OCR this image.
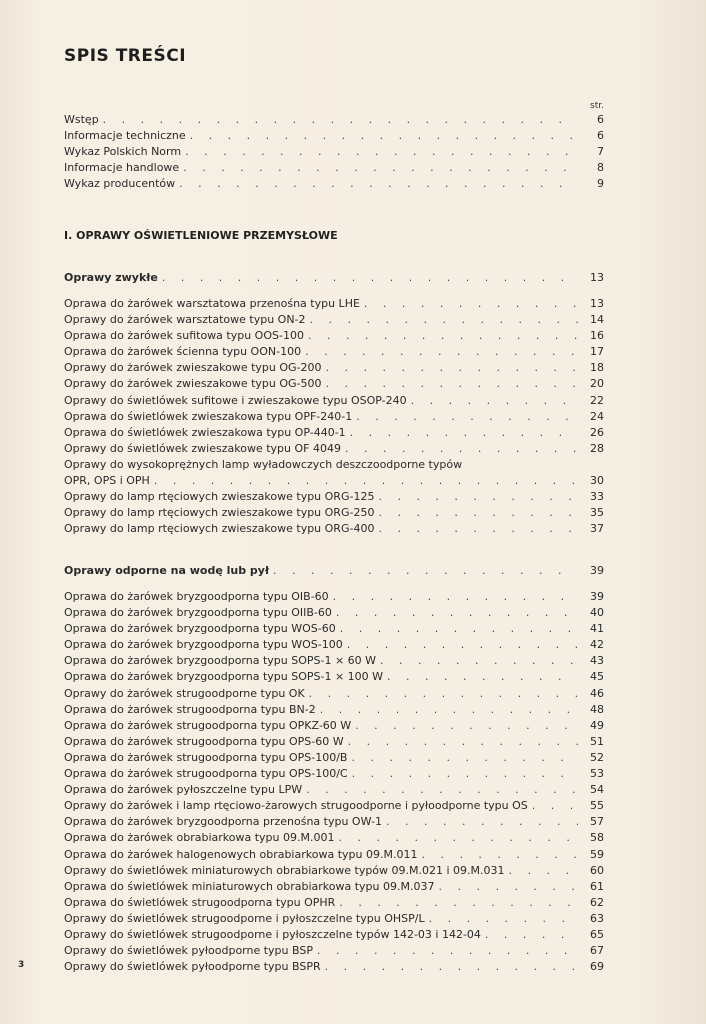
SPIS TREŚCI
str.
Wstęp . . .	6
Informacje techniczne . . .	6
Wykaz Polskich Norm . . .	7
Informacje handlowe . . .	8
Wykaz producentów . . .	9
I. OPRAWY OŚWIETLENIOWE PRZEMYSŁOWE
Oprawy zwykłe . . .	13
Oprawa do żarówek warsztatowa przenośna typu LHE . . .	13
Oprawy do żarówek warsztatowe typu ON-2 . . .	14
Oprawa do żarówek sufitowa typu OOS-100 . . .	16
Oprawa do żarówek ścienna typu OON-100 . . .	17
Oprawy do żarówek zwieszakowe typu OG-200 . . .	18
Oprawy do żarówek zwieszakowe typu OG-500 . . .	20
Oprawy do świetlówek sufitowe i zwieszakowe typu OSOP-240 . . .	22
Oprawa do świetlówek zwieszakowa typu OPF-240-1 . . .	24
Oprawa do świetlówek zwieszakowa typu OP-440-1 . . .	26
Oprawy do świetlówek zwieszakowe typu OF 4049 . . .	28
Oprawy do wysokoprężnych lamp wyładowczych deszczoodporne typów
OPR, OPS i OPH . . .	30
Oprawy do lamp rtęciowych zwieszakowe typu ORG-125 . . .	33
Oprawy do lamp rtęciowych zwieszakowe typu ORG-250 . . .	35
Oprawy do lamp rtęciowych zwieszakowe typu ORG-400 . . .	37
Oprawy odporne na wodę lub pył . . .	39
Oprawa do żarówek bryzgoodporna typu OIB-60 . . .	39
Oprawa do żarówek bryzgoodporna typu OIIB-60 . . .	40
Oprawa do żarówek bryzgoodporna typu WOS-60 . . .	41
Oprawa do żarówek bryzgoodporna typu WOS-100 . . .	42
Oprawa do żarówek bryzgoodporna typu SOPS-1 × 60 W . . .	43
Oprawa do żarówek bryzgoodporna typu SOPS-1 × 100 W . . .	45
Oprawy do żarówek strugoodporne typu OK . . .	46
Oprawa do żarówek strugoodporna typu BN-2 . . .	48
Oprawa do żarówek strugoodporna typu OPKZ-60 W . . .	49
Oprawa do żarówek strugoodporna typu OPS-60 W . . .	51
Oprawa do żarówek strugoodporna typu OPS-100/B . . .	52
Oprawa do żarówek strugoodporna typu OPS-100/C . . .	53
Oprawa do żarówek pyłoszczelne typu LPW . . .	54
Oprawy do żarówek i lamp rtęciowo-żarowych strugoodporne i pyłoodporne typu OS . . .	55
Oprawa do żarówek bryzgoodporna przenośna typu OW-1 . . .	57
Oprawa do żarówek obrabiarkowa typu 09.M.001 . . .	58
Oprawa do żarówek halogenowych obrabiarkowa typu 09.M.011 . . .	59
Oprawy do świetlówek miniaturowych obrabiarkowe typów 09.M.021 i 09.M.031 . . .	60
Oprawa do świetlówek miniaturowych obrabiarkowa typu 09.M.037 . . .	61
Oprawa do świetlówek strugoodporna typu OPHR . . .	62
Oprawy do świetlówek strugoodporne i pyłoszczelne typu OHSP/L . . .	63
Oprawy do świetlówek strugoodporne i pyłoszczelne typów 142-03 i 142-04 . . .	65
Oprawy do świetlówek pyłoodporne typu BSP . . .	67
Oprawy do świetlówek pyłoodporne typu BSPR . . .	69
3
